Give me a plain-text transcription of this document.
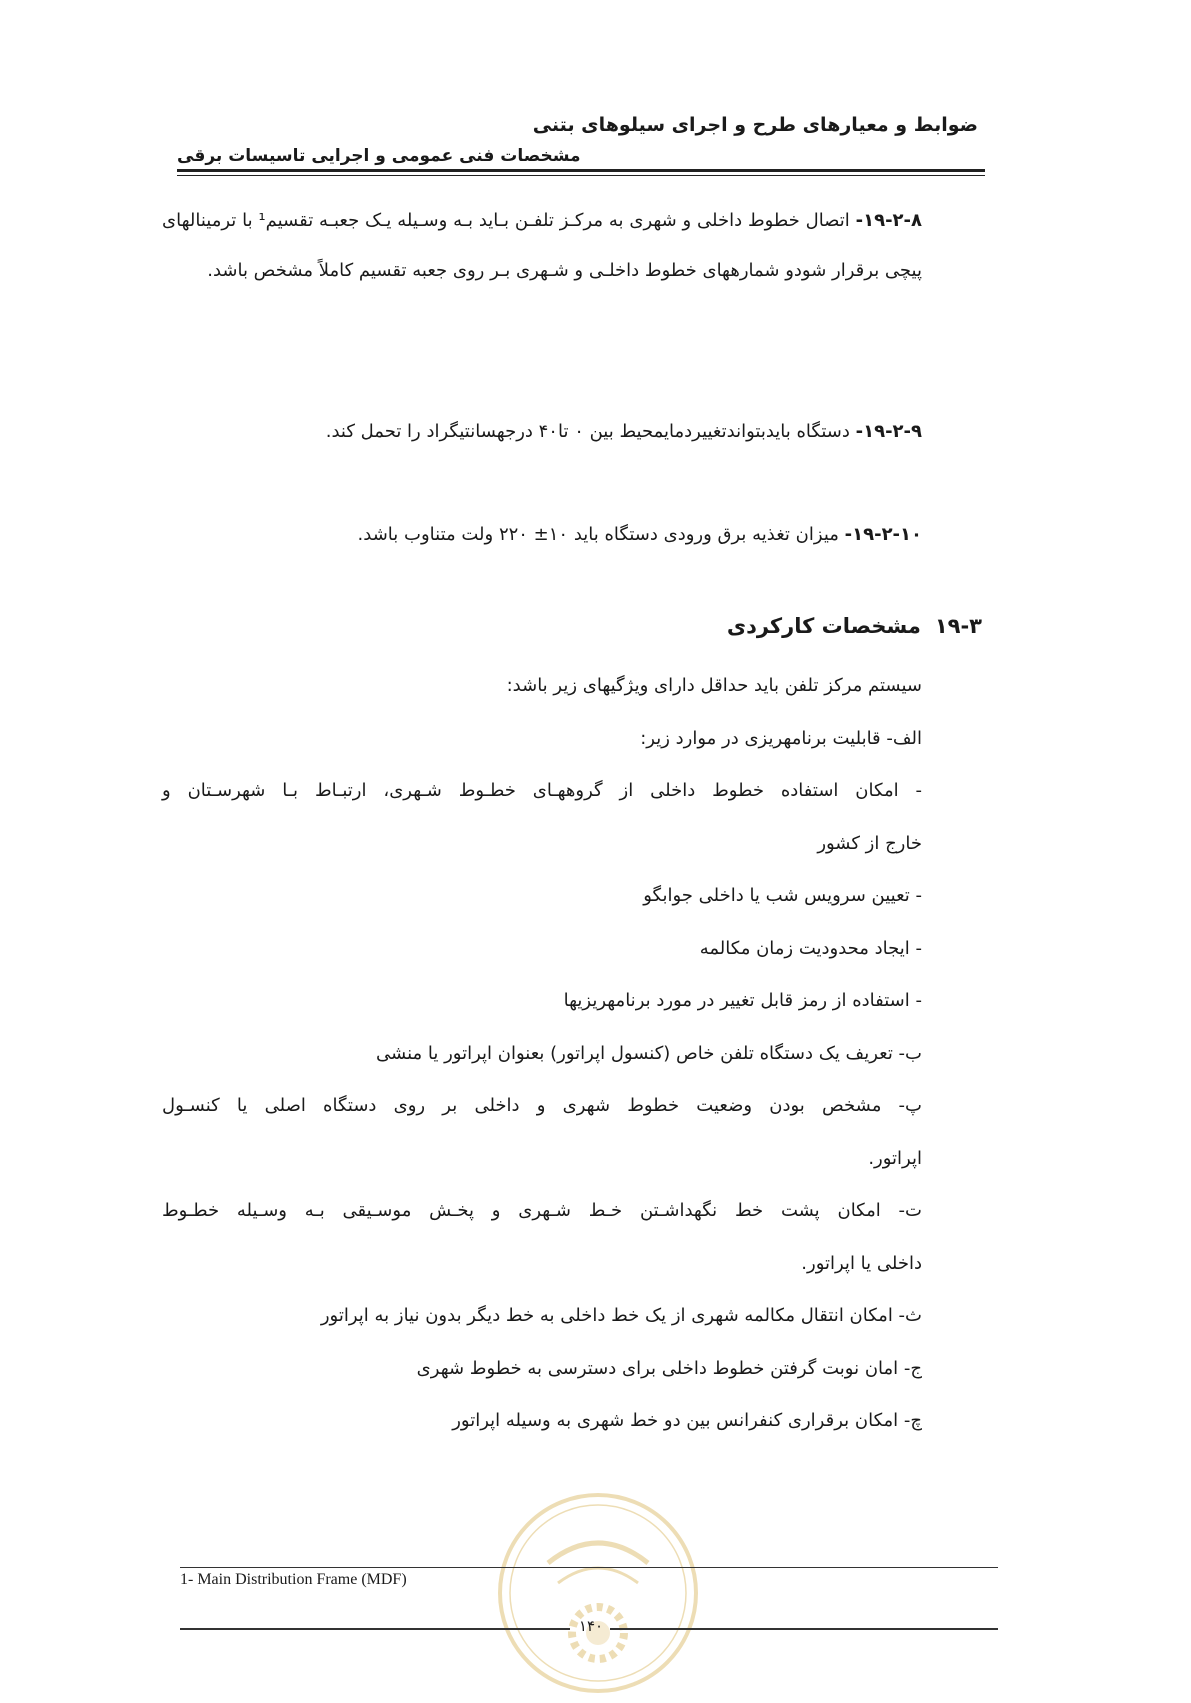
ضوابط و معیارهای طرح و اجرای سیلوهای بتنی
مشخصات فنی عمومی و اجرایی تاسیسات برقی
۱۹-۲-۸- اتصال خطوط داخلی و شهری به مرکـز تلفـن بـاید بـه وسـیله یـک جعبـه تقسیم¹ با ترمینالهای پیچی برقرار شودو شمارههای خطوط داخلـی و شـهری بـر روی جعبه تقسیم کاملاً مشخص باشد.
۱۹-۲-۹- دستگاه بایدبتواندتغییردمایمحیط بین ۰ تا۴۰ درجهسانتیگراد را تحمل کند.
۱۹-۲-۱۰- میزان تغذیه برق ورودی دستگاه باید ۱۰± ۲۲۰ ولت متناوب باشد.
۱۹-۳مشخصات کارکردی
سیستم مرکز تلفن باید حداقل دارای ویژگیهای زیر باشد:
الف- قابلیت برنامهریزی در موارد زیر:
- امکان استفاده خطوط داخلی از گروههـای خطـوط شـهری، ارتبـاط بـا شهرسـتان و
خارج از کشور
- تعیین سرویس شب یا داخلی جوابگو
- ایجاد محدودیت زمان مکالمه
- استفاده از رمز قابل تغییر در مورد برنامهریزیها
ب- تعریف یک دستگاه تلفن خاص (کنسول اپراتور) بعنوان اپراتور یا منشی
پ- مشخص بودن وضعیت خطوط شهری و داخلی بر روی دستگاه اصلی یا کنسـول
اپراتور.
ت- امکان پشت خط نگهداشـتن خـط شـهری و پخـش موسـیقی بـه وسـیله خطـوط
داخلی یا اپراتور.
ث- امکان انتقال مکالمه شهری از یک خط داخلی به خط دیگر بدون نیاز به اپراتور
ج- امان نوبت گرفتن خطوط داخلی برای دسترسی به خطوط شهری
چ- امکان برقراری کنفرانس بین دو خط شهری به وسیله اپراتور
1- Main Distribution Frame (MDF)
۱۴۰
